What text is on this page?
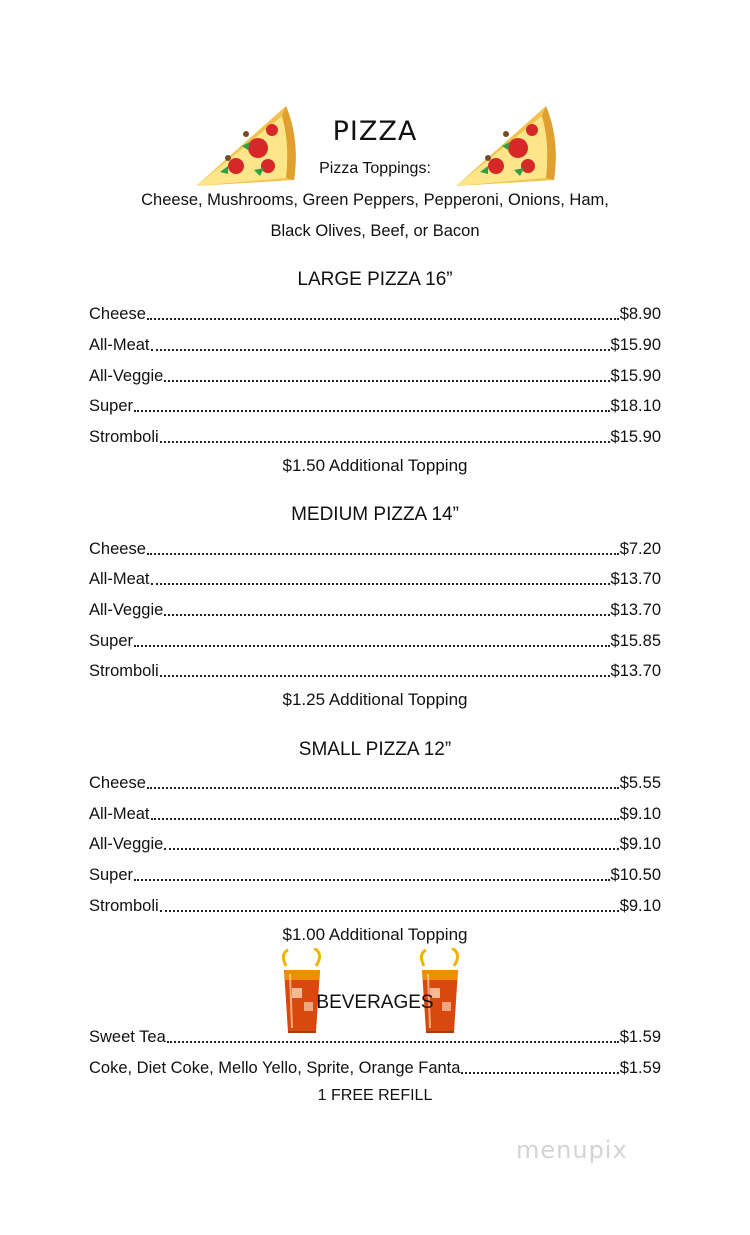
PIZZA
Pizza Toppings:
Cheese, Mushrooms, Green Peppers, Pepperoni, Onions, Ham,
Black Olives, Beef, or Bacon
LARGE PIZZA 16”
Cheese	$8.90
All-Meat	$15.90
All-Veggie	$15.90
Super	$18.10
Stromboli	$15.90
$1.50 Additional Topping
MEDIUM PIZZA 14”
Cheese	$7.20
All-Meat	$13.70
All-Veggie	$13.70
Super	$15.85
Stromboli	$13.70
$1.25 Additional Topping
SMALL PIZZA 12”
Cheese	$5.55
All-Meat	$9.10
All-Veggie	$9.10
Super	$10.50
Stromboli	$9.10
$1.00 Additional Topping
BEVERAGES
Sweet Tea	$1.59
Coke, Diet Coke, Mello Yello, Sprite, Orange Fanta	$1.59
1 FREE REFILL
menupix
